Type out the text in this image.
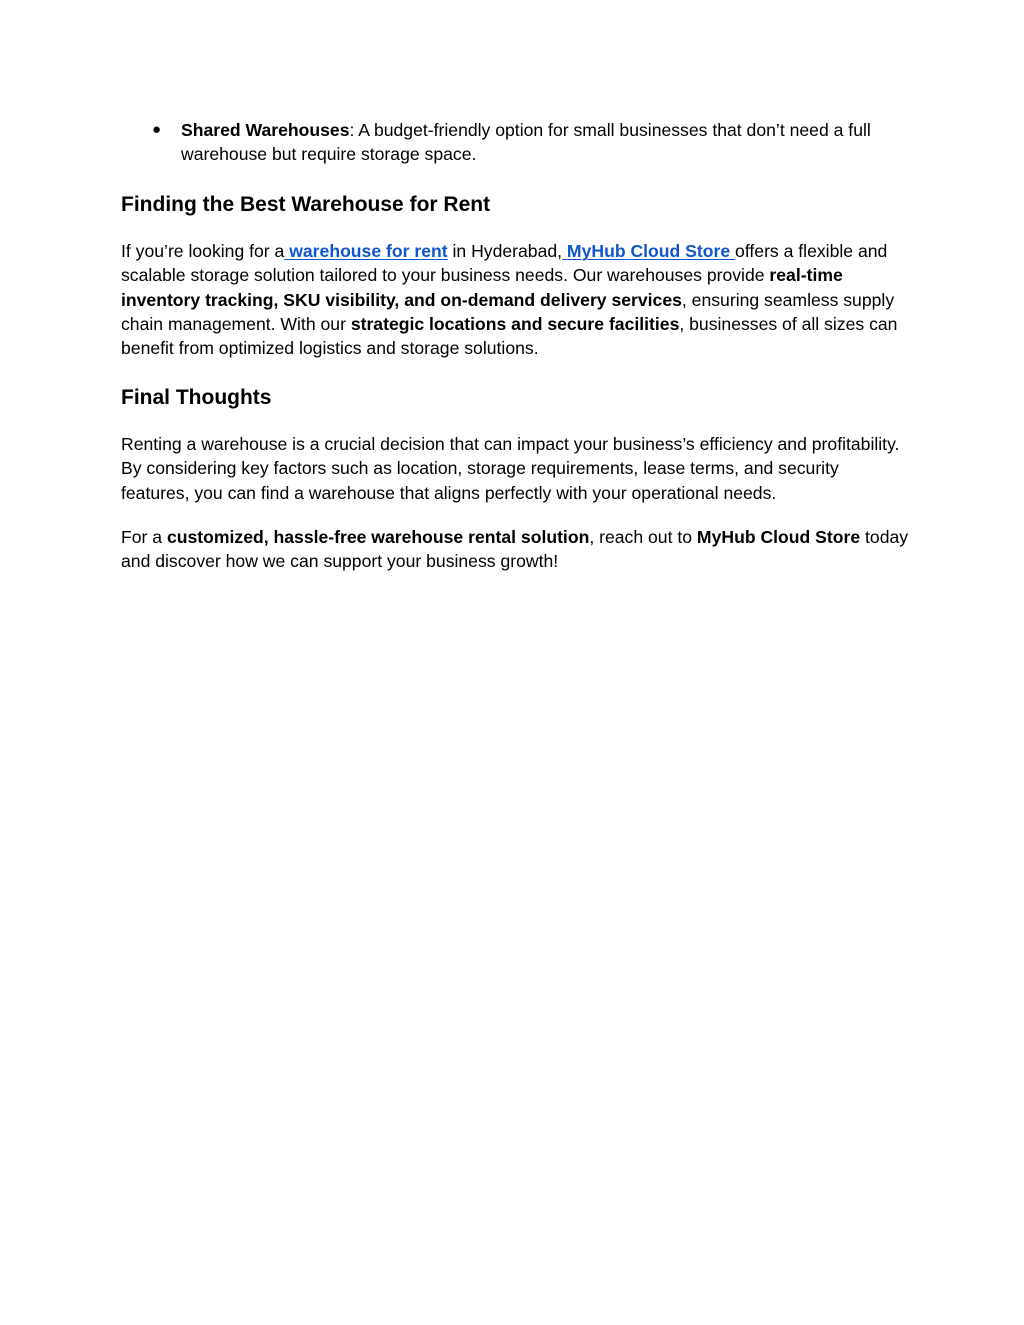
● Shared Warehouses: A budget-friendly option for small businesses that don’t need a full warehouse but require storage space.
Finding the Best Warehouse for Rent

If you’re looking for a warehouse for rent in Hyderabad, MyHub Cloud Store offers a flexible and scalable storage solution tailored to your business needs. Our warehouses provide real-time inventory tracking, SKU visibility, and on-demand delivery services, ensuring seamless supply chain management. With our strategic locations and secure facilities, businesses of all sizes can benefit from optimized logistics and storage solutions.

Final Thoughts

Renting a warehouse is a crucial decision that can impact your business’s efficiency and profitability. By considering key factors such as location, storage requirements, lease terms, and security features, you can find a warehouse that aligns perfectly with your operational needs.

For a customized, hassle-free warehouse rental solution, reach out to MyHub Cloud Store today and discover how we can support your business growth!
